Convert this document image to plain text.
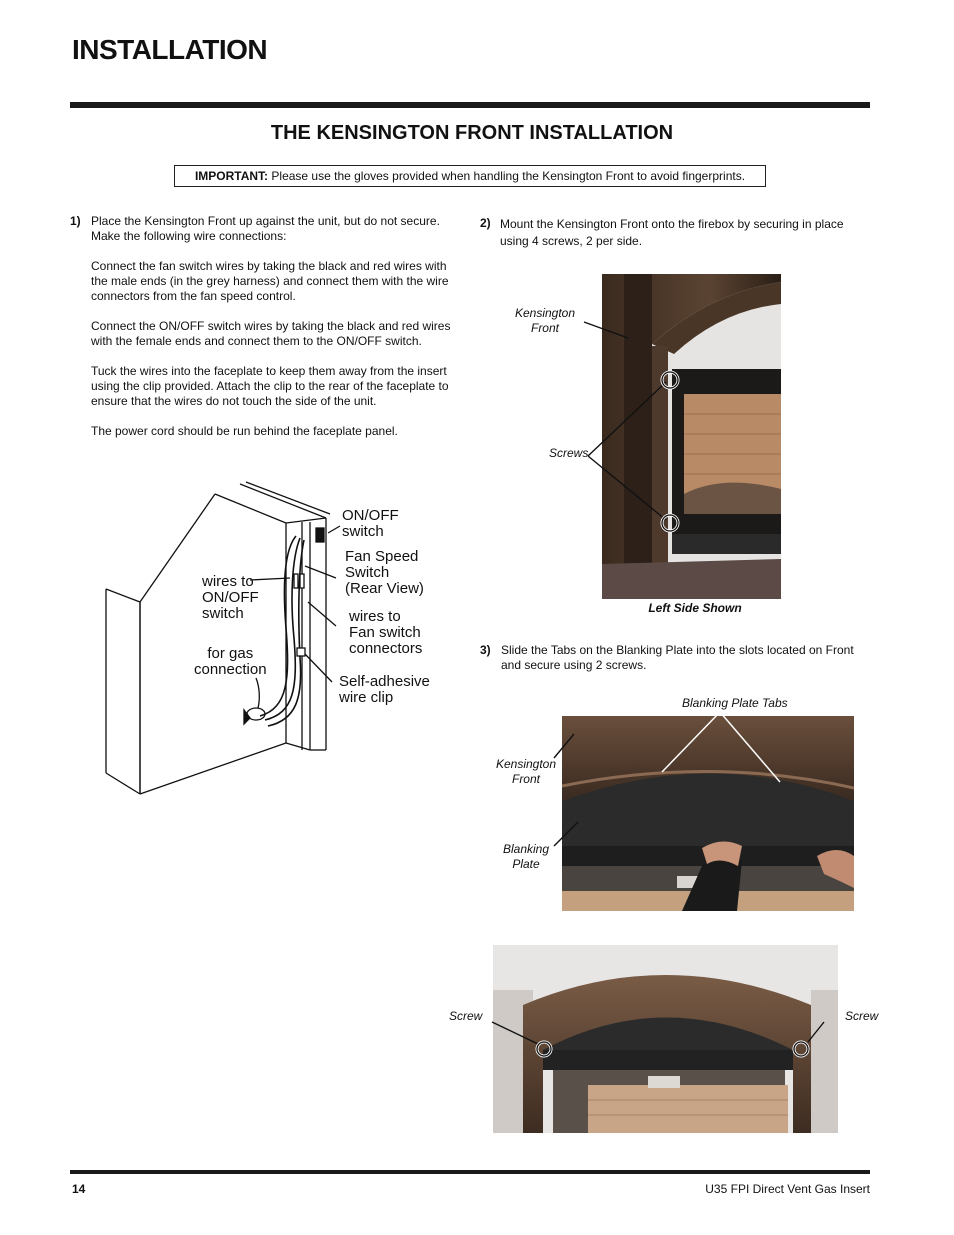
INSTALLATION
THE KENSINGTON FRONT INSTALLATION
IMPORTANT: Please use the gloves provided when handling the Kensington Front to avoid fingerprints.
1) Place the Kensington Front up against the unit, but do not secure. Make the following wire connections:

Connect the fan switch wires by taking the black and red wires with the male ends (in the grey harness) and connect them with the wire connectors from the fan speed control.

Connect the ON/OFF switch wires by taking the black and red wires with the female ends and connect them to the ON/OFF switch.

Tuck the wires into the faceplate to keep them away from the insert using the clip provided. Attach the clip to the rear of the faceplate to ensure that the wires do not touch the side of the unit.

The power cord should be run behind the faceplate panel.

ON/OFF
switch
Fan Speed
Switch
(Rear View)
wires to
ON/OFF
switch	wires to
Fan switch
connectors
for gas
connection
Self-adhesive
wire clip
2) Mount the Kensington Front onto the firebox by securing in place using 4 screws, 2 per side.
Kensington
Front
Screws
Left Side Shown
3) Slide the Tabs on the Blanking Plate into the slots located on Front and secure using 2 screws.
Blanking Plate Tabs
Kensington
Front
Blanking
Plate
Screw	Screw
14	U35 FPI Direct Vent Gas Insert
